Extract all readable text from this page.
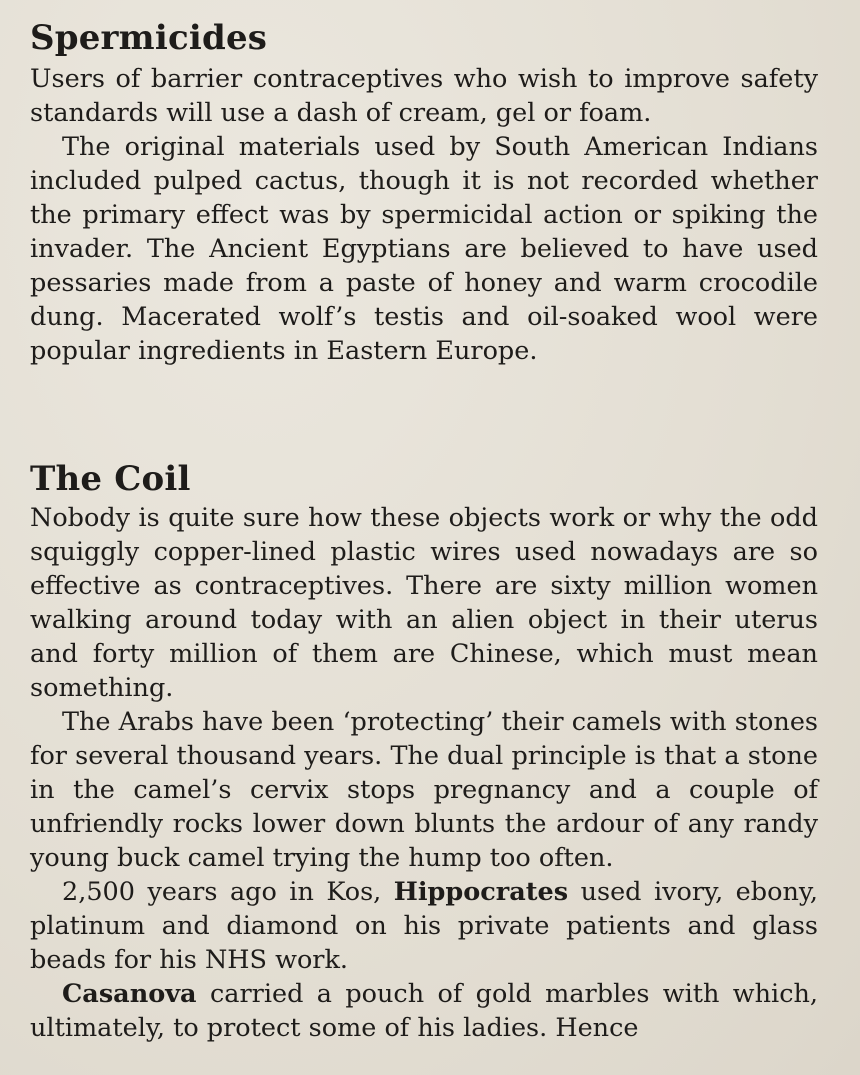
Spermicides

Users of barrier contraceptives who wish to improve safety standards will use a dash of cream, gel or foam.

The original materials used by South American Indians included pulped cactus, though it is not recorded whether the primary effect was by spermicidal action or spiking the invader. The Ancient Egyptians are believed to have used pessaries made from a paste of honey and warm crocodile dung. Macerated wolf’s testis and oil-soaked wool were popular ingredients in Eastern Europe.

The Coil

Nobody is quite sure how these objects work or why the odd squiggly copper-lined plastic wires used nowadays are so effective as contraceptives. There are sixty million women walking around today with an alien object in their uterus and forty million of them are Chinese, which must mean something.

The Arabs have been ‘protecting’ their camels with stones for several thousand years. The dual principle is that a stone in the camel’s cervix stops pregnancy and a couple of unfriendly rocks lower down blunts the ardour of any randy young buck camel trying the hump too often.

2,500 years ago in Kos, Hippocrates used ivory, ebony, platinum and diamond on his private patients and glass beads for his NHS work.

Casanova carried a pouch of gold marbles with which, ultimately, to protect some of his ladies. Hence
